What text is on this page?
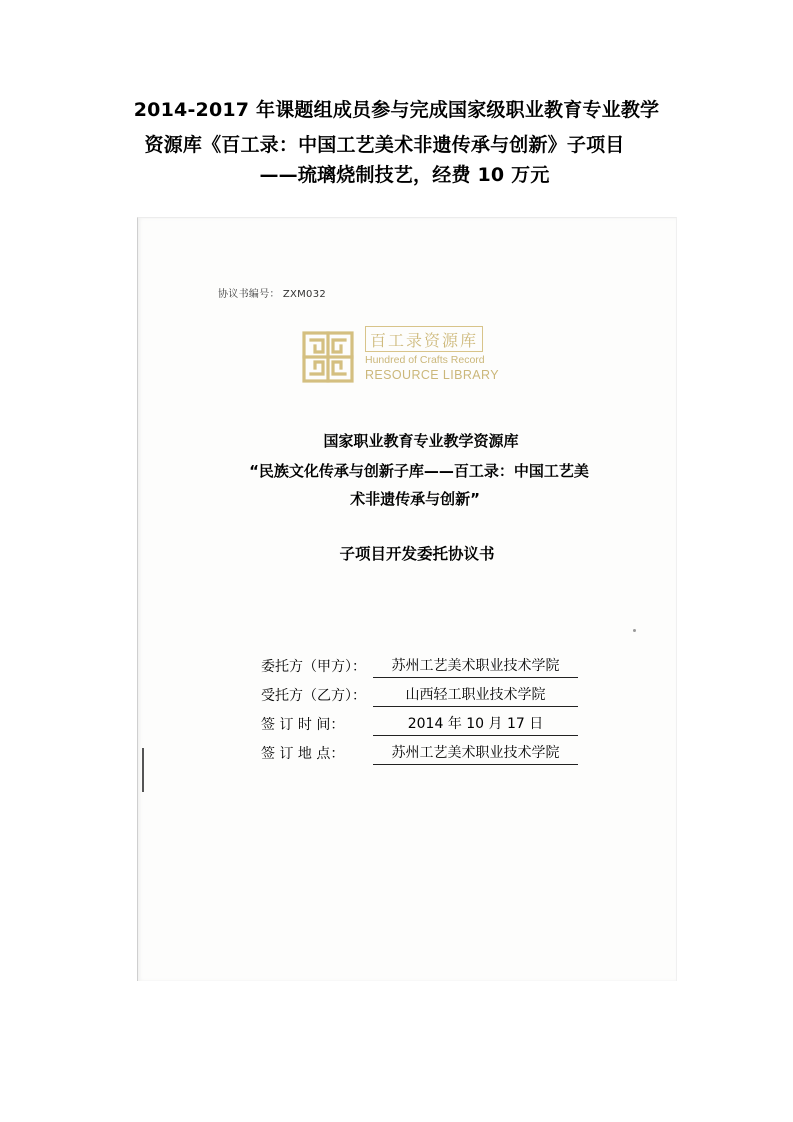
2014-2017 年课题组成员参与完成国家级职业教育专业教学
资源库《百工录：中国工艺美术非遗传承与创新》子项目
——琉璃烧制技艺，经费 10 万元
协议书编号： ZXM032
百工录资源库
Hundred of Crafts Record
RESOURCE LIBRARY
国家职业教育专业教学资源库
“民族文化传承与创新子库——百工录：中国工艺美
术非遗传承与创新”
子项目开发委托协议书
委托方（甲方）：	苏州工艺美术职业技术学院
受托方（乙方）：	山西轻工职业技术学院
签 订 时 间：	2014 年 10 月 17 日
签 订 地 点：	苏州工艺美术职业技术学院
